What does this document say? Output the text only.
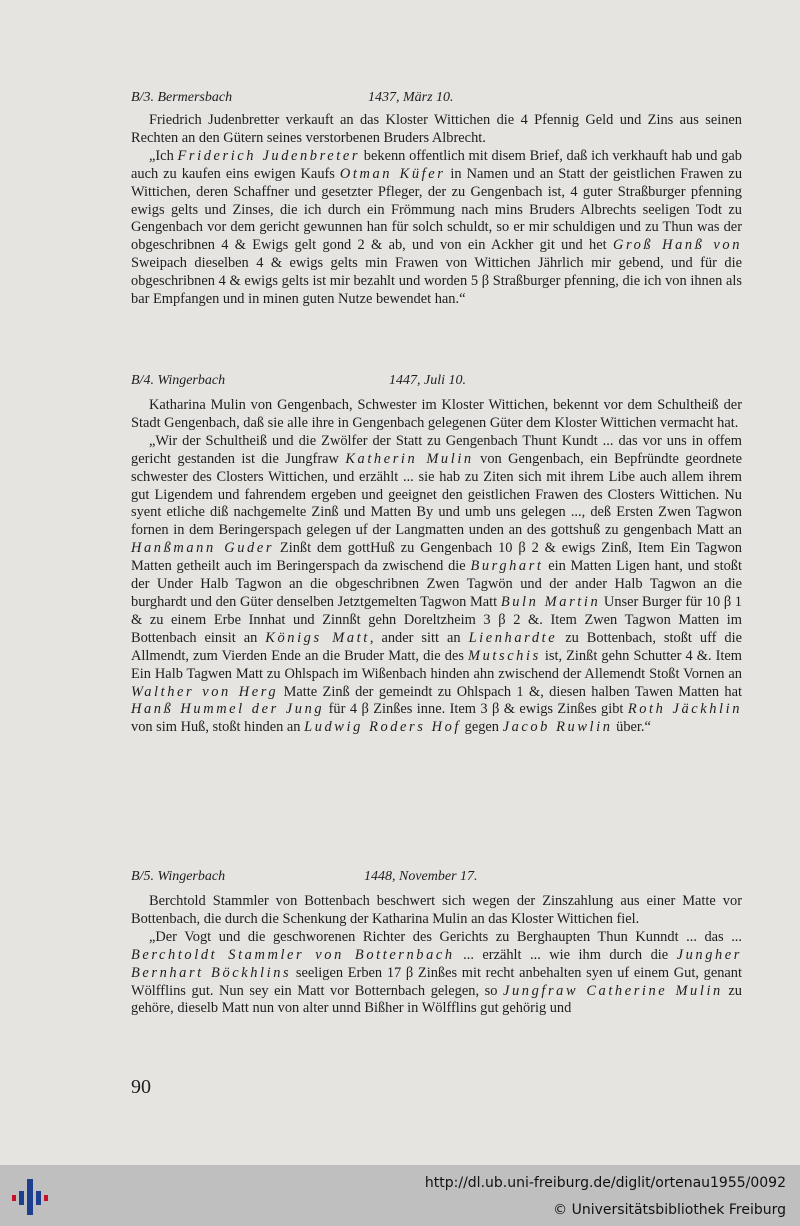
B/3. Bermersbach	1437, März 10.

Friedrich Judenbretter verkauft an das Kloster Wittichen die 4 Pfennig Geld und Zins aus seinen Rechten an den Gütern seines verstorbenen Bruders Albrecht.

„Ich Friderich Judenbreter bekenn offentlich mit disem Brief, daß ich verkhauft hab und gab auch zu kaufen eins ewigen Kaufs Otman Küfer in Namen und an Statt der geistlichen Frawen zu Wittichen, deren Schaffner und gesetzter Pfleger, der zu Gengenbach ist, 4 guter Straßburger pfenning ewigs gelts und Zinses, die ich durch ein Frömmung nach mins Bruders Albrechts seeligen Todt zu Gengenbach vor dem gericht gewunnen han für solch schuldt, so er mir schuldigen und zu Thun was der obgeschribnen 4 & Ewigs gelt gond 2 & ab, und von ein Ackher git und het Groß Hanß von Sweipach dieselben 4 & ewigs gelts min Frawen von Wittichen Jährlich mir gebend, und für die obgeschribnen 4 & ewigs gelts ist mir bezahlt und worden 5 β Straßburger pfenning, die ich von ihnen als bar Empfangen und in minen guten Nutze bewendet han.“

B/4. Wingerbach	1447, Juli 10.

Katharina Mulin von Gengenbach, Schwester im Kloster Wittichen, bekennt vor dem Schultheiß der Stadt Gengenbach, daß sie alle ihre in Gengenbach gelegenen Güter dem Kloster Wittichen vermacht hat.

„Wir der Schultheiß und die Zwölfer der Statt zu Gengenbach Thunt Kundt ... das vor uns in offem gericht gestanden ist die Jungfraw Katherin Mulin von Gengenbach, ein Bepfründte geordnete schwester des Closters Wittichen, und erzählt ... sie hab zu Ziten sich mit ihrem Libe auch allem ihrem gut Ligendem und fahrendem ergeben und geeignet den geistlichen Frawen des Closters Wittichen. Nu syent etliche diß nachgemelte Zinß und Matten By und umb uns gelegen ..., deß Ersten Zwen Tagwon fornen in dem Beringerspach gelegen uf der Langmatten unden an des gottshuß zu gengenbach Matt an Hanßmann Guder Zinßt dem gottHuß zu Gengenbach 10 β 2 & ewigs Zinß, Item Ein Tagwon Matten getheilt auch im Beringerspach da zwischend die Burghart ein Matten Ligen hant, und stoßt der Under Halb Tagwon an die obgeschribnen Zwen Tagwön und der ander Halb Tagwon an die burghardt und den Güter denselben Jetztgemelten Tagwon Matt Buln Martin Unser Burger für 10 β 1 & zu einem Erbe Innhat und Zinnßt gehn Doreltzheim 3 β 2 &. Item Zwen Tagwon Matten im Bottenbach einsit an Königs Matt, ander sitt an Lienhardte zu Bottenbach, stoßt uff die Allmendt, zum Vierden Ende an die Bruder Matt, die des Mutschis ist, Zinßt gehn Schutter 4 &. Item Ein Halb Tagwen Matt zu Ohlspach im Wißenbach hinden ahn zwischend der Allemendt Stoßt Vornen an Walther von Herg Matte Zinß der gemeindt zu Ohlspach 1 &, diesen halben Tawen Matten hat Hanß Hummel der Jung für 4 β Zinßes inne. Item 3 β & ewigs Zinßes gibt Roth Jäckhlin von sim Huß, stoßt hinden an Ludwig Roders Hof gegen Jacob Ruwlin über.“

B/5. Wingerbach	1448, November 17.

Berchtold Stammler von Bottenbach beschwert sich wegen der Zinszahlung aus einer Matte vor Bottenbach, die durch die Schenkung der Katharina Mulin an das Kloster Wittichen fiel.

„Der Vogt und die geschworenen Richter des Gerichts zu Berghaupten Thun Kunndt ... das ... Berchtoldt Stammler von Botternbach ... erzählt ... wie ihm durch die Jungher Bernhart Böckhlins seeligen Erben 17 β Zinßes mit recht anbehalten syen uf einem Gut, genant Wölfflins gut. Nun sey ein Matt vor Botternbach gelegen, so Jungfraw Catherine Mulin zu gehöre, dieselb Matt nun von alter unnd Bißher in Wölfflins gut gehörig und

90
http://dl.ub.uni-freiburg.de/diglit/ortenau1955/0092
© Universitätsbibliothek Freiburg
